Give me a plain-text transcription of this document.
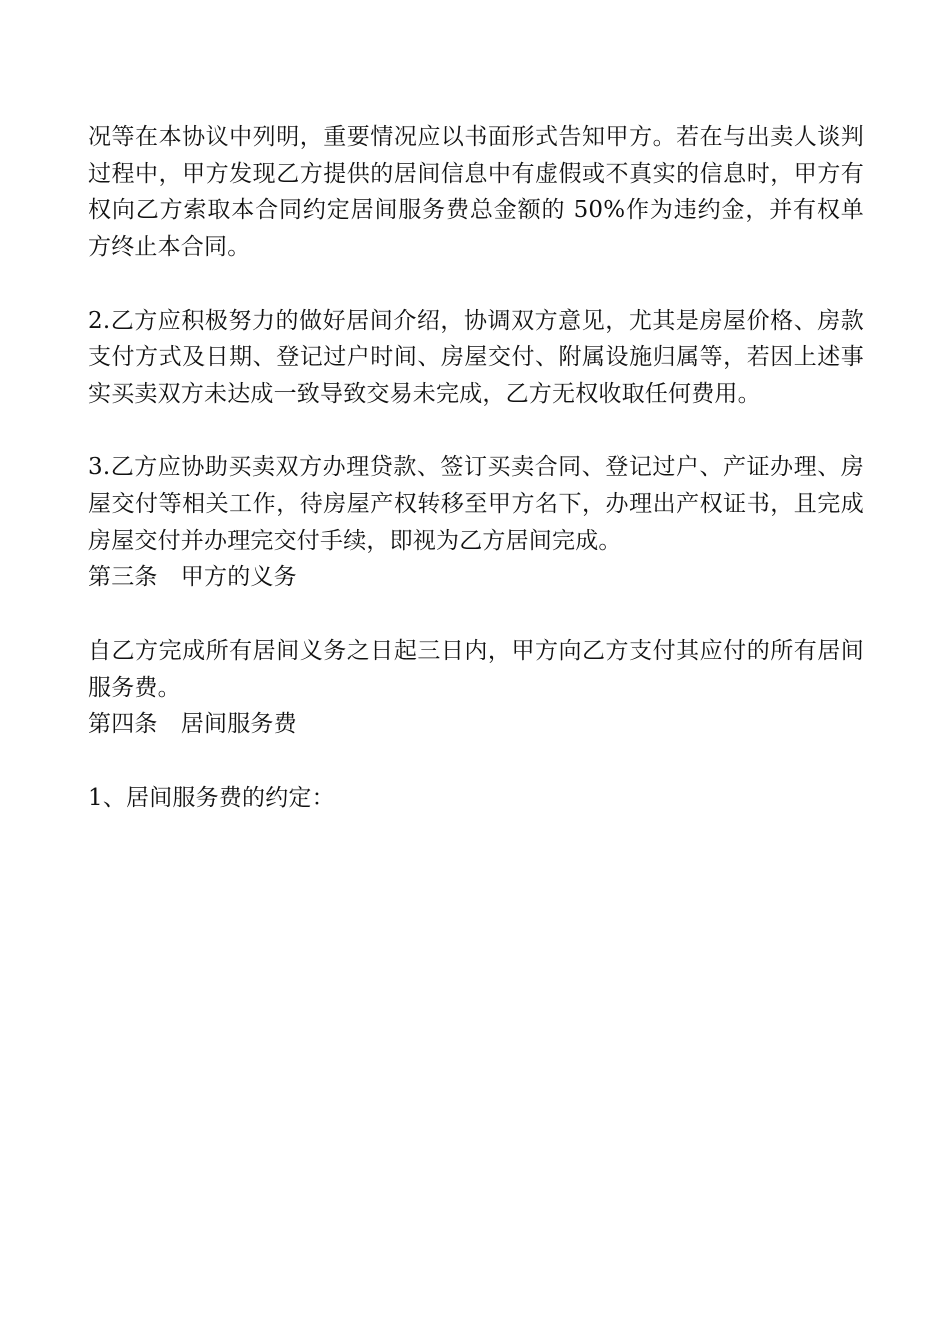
况等在本协议中列明，重要情况应以书面形式告知甲方。若在与出卖人谈判过程中，甲方发现乙方提供的居间信息中有虚假或不真实的信息时，甲方有权向乙方索取本合同约定居间服务费总金额的 50%作为违约金，并有权单方终止本合同。

2.乙方应积极努力的做好居间介绍，协调双方意见，尤其是房屋价格、房款支付方式及日期、登记过户时间、房屋交付、附属设施归属等，若因上述事实买卖双方未达成一致导致交易未完成，乙方无权收取任何费用。

3.乙方应协助买卖双方办理贷款、签订买卖合同、登记过户、产证办理、房屋交付等相关工作，待房屋产权转移至甲方名下，办理出产权证书，且完成房屋交付并办理完交付手续，即视为乙方居间完成。

第三条　甲方的义务

自乙方完成所有居间义务之日起三日内，甲方向乙方支付其应付的所有居间服务费。

第四条　居间服务费

1、居间服务费的约定：
